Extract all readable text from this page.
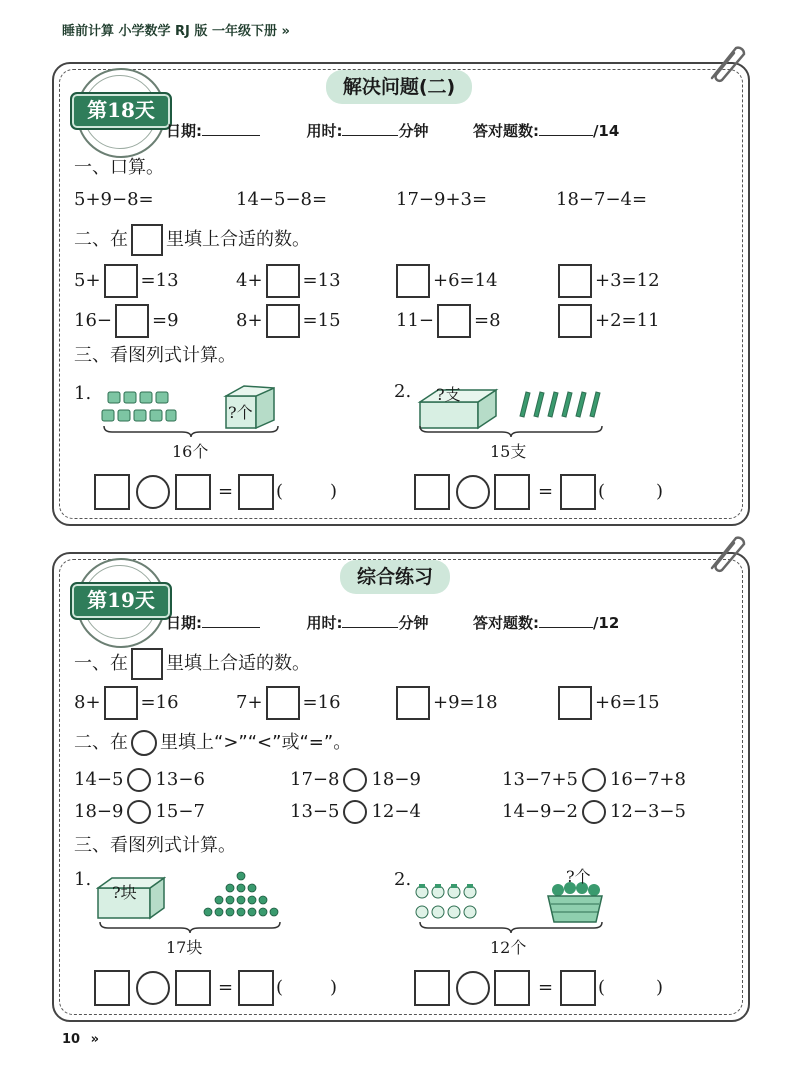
睡前计算 小学数学 RJ 版 一年级下册 »
解决问题(二)
第18天
日期:	用时:	分钟	答对题数:	/14
一、口算。
5+9−8=	14−5−8=	17−9+3=	18−7−4=
二、在 里填上合适的数。
5+ =13	4+ =13	+6=14	+3=12
16− =9	8+ =15	11− =8	+2=11
三、看图列式计算。
1.
?个
16个
2. ?支
15支
= (	)	= (	)
综合练习
第19天
日期:	用时:	分钟	答对题数:	/12
一、在 里填上合适的数。
8+ =16	7+ =16	+9=18	+6=15
二、在 里填上“>”“<”或“=”。
14−5 13−6	17−8 18−9	13−7+5 16−7+8
18−9 15−7	13−5 12−4	14−9−2 12−3−5
三、看图列式计算。
1.
?块
17块
2.	?个
12个
= (	)	= (	)
10 »
